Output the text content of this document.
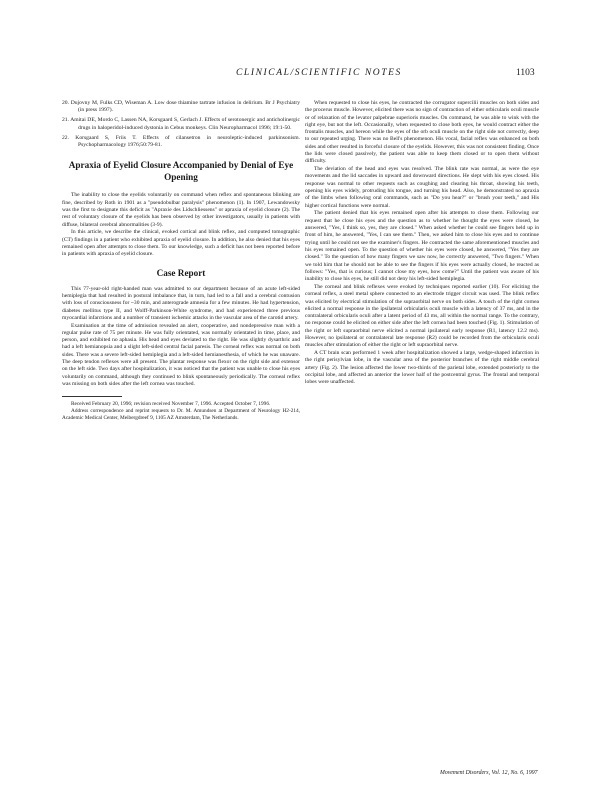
CLINICAL/SCIENTIFIC NOTES	1103

20. Dujovny M, Fulks CD, Wiseman A. Low dose thiamine tartrate infusion in delirium. Br J Psychiatry (in press 1997).

21. Amitai DE, Mordo C, Lassen NA, Korsgaard S, Gerlach J. Effects of serotonergic and anticholinergic drugs in haloperidol-induced dystonia in Cebus monkeys. Clin Neuropharmacol 1996; 19:1-50.

22. Korsgaard S, Friis T. Effects of cilansetron in neuroleptic-induced parkinsonism. Psychopharmacology 1976;50:79-81.

Apraxia of Eyelid Closure Accompanied by Denial of Eye Opening

The inability to close the eyelids voluntarily on command when reflex and spontaneous blinking are fine, described by Roth in 1901 as a "pseudobulbar paralysis" phenomenon (1). In 1907, Lewandowsky was the first to designate this deficit as "Apraxie des Lidschliessens" or apraxia of eyelid closure (2). The rest of voluntary closure of the eyelids has been observed by other investigators, usually in patients with diffuse, bilateral cerebral abnormalities (3-9).

In this article, we describe the clinical, evoked cortical and blink reflex, and computed tomographic (CT) findings in a patient who exhibited apraxia of eyelid closure. In addition, he also denied that his eyes remained open after attempts to close them. To our knowledge, such a deficit has not been reported before in patients with apraxia of eyelid closure.

Case Report

This 77-year-old right-handed man was admitted to our department because of an acute left-sided hemiplegia that had resulted in postural imbalance that, in turn, had led to a fall and a cerebral contusion with loss of consciousness for ~30 min, and anterograde amnesia for a few minutes. He had hypertension, diabetes mellitus type II, and Wolff-Parkinson-White syndrome, and had experienced three previous myocardial infarctions and a number of transient ischemic attacks in the vascular area of the carotid artery.

Examination at the time of admission revealed an alert, cooperative, and nondepressive man with a regular pulse rate of 75 per minute. He was fully orientated, was normally orientated in time, place, and person, and exhibited no aphasia. His head and eyes deviated to the right. He was slightly dysarthric and had a left hemianopsia and a slight left-sided central facial paresis. The corneal reflex was normal on both sides. There was a severe left-sided hemiplegia and a left-sided hemianesthesia, of which he was unaware. The deep tendon reflexes were all present. The plantar response was flexor on the right side and extensor on the left side. Two days after hospitalization, it was noticed that the patient was unable to close his eyes voluntarily on command, although they continued to blink spontaneously periodically. The corneal reflex was missing on both sides after the left cornea was touched.

Received February 20, 1996; revision received November 7, 1996. Accepted October 7, 1996.

Address correspondence and reprint requests to Dr. M. Amundsen at Department of Neurology H2-214, Academic Medical Center, Meibergdreef 9, 1105 AZ Amsterdam, The Netherlands.

When requested to close his eyes, he contracted the corrugator supercilii muscles on both sides and the procerus muscle. However, elicited there was no sign of contraction of either orbicularis oculi muscle or of relaxation of the levator palpebrae superioris muscles. On command, he was able to wink with the right eye, but not the left. Occasionally, when requested to close both eyes, he would contract either the frontalis muscles, and hereon while the eyes of the orb oculi muscle on the right side not correctly, deep to our repeated urging. There was no Bell's phenomenon. His vocal, facial reflex was enhanced on both sides and other resulted in forceful closure of the eyelids. However, this was not consistent finding. Once the lids were closed passively, the patient was able to keep them closed or to open them without difficulty.

The deviation of the head and eyes was resolved. The blink rate was normal, as were the eye movements and the lid saccades in upward and downward directions. He slept with his eyes closed. His response was normal to other requests such as coughing and clearing his throat, showing his teeth, opening his eyes widely, protruding his tongue, and turning his head. Also, he demonstrated no apraxia of the limbs when following oral commands, such as "Do you hear?" or "brush your teeth," and His higher cortical functions were normal.

The patient denied that his eyes remained open after his attempts to close them. Following our request that he close his eyes and the question as to whether he thought the eyes were closed, he answered, "Yes, I think so, yes, they are closed." When asked whether he could see fingers held up in front of him, he answered, "Yes, I can see them." Then, we asked him to close his eyes and to continue trying until he could not see the examiner's fingers. He contracted the same aforementioned muscles and his eyes remained open. To the question of whether his eyes were closed, he answered, "Yes they are closed." To the question of how many fingers we saw now, he correctly answered, "Two fingers." When we told him that he should not be able to see the fingers if his eyes were actually closed, he reacted as follows: "Yes, that is curious; I cannot close my eyes, how come?" Until the patient was aware of his inability to close his eyes, he still did not deny his left-sided hemiplegia.

The corneal and blink reflexes were evoked by techniques reported earlier (10). For eliciting the corneal reflex, a steel metal sphere connected to an electrode trigger circuit was used. The blink reflex was elicited by electrical stimulation of the supraorbital nerve on both sides. A touch of the right cornea elicited a normal response in the ipsilateral orbicularis oculi muscle with a latency of 37 ms, and in the contralateral orbicularis oculi after a latent period of 43 ms, all within the normal range. To the contrary, no response could be elicited on either side after the left cornea had been touched (Fig. 1). Stimulation of the right or left supraorbital nerve elicited a normal ipsilateral early response (R1, latency 12.2 ms). However, no ipsilateral or contralateral late response (R2) could be recorded from the orbicularis oculi muscles after stimulation of either the right or left supraorbital nerve.

A CT brain scan performed 1 week after hospitalization showed a large, wedge-shaped infarction in the right perisylvian lobe, in the vascular area of the posterior branches of the right middle cerebral artery (Fig. 2). The lesion affected the lower two-thirds of the parietal lobe, extended posteriorly to the occipital lobe, and affected an anterior the lower half of the postcentral gyrus. The frontal and temporal lobes were unaffected.

Movement Disorders, Vol. 12, No. 6, 1997
